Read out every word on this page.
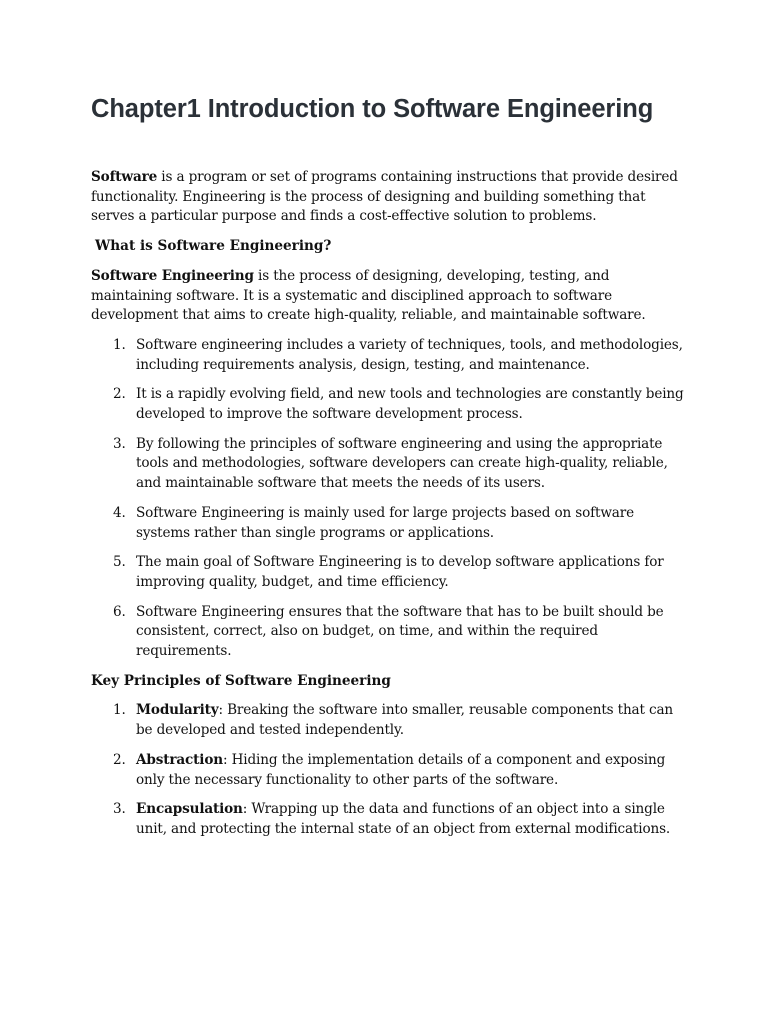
Chapter1 Introduction to Software Engineering

Software is a program or set of programs containing instructions that provide desired functionality. Engineering is the process of designing and building something that serves a particular purpose and finds a cost-effective solution to problems.

What is Software Engineering?

Software Engineering is the process of designing, developing, testing, and maintaining software. It is a systematic and disciplined approach to software development that aims to create high-quality, reliable, and maintainable software.

1. Software engineering includes a variety of techniques, tools, and methodologies, including requirements analysis, design, testing, and maintenance.
2. It is a rapidly evolving field, and new tools and technologies are constantly being developed to improve the software development process.
3. By following the principles of software engineering and using the appropriate tools and methodologies, software developers can create high-quality, reliable, and maintainable software that meets the needs of its users.
4. Software Engineering is mainly used for large projects based on software systems rather than single programs or applications.
5. The main goal of Software Engineering is to develop software applications for improving quality, budget, and time efficiency.
6. Software Engineering ensures that the software that has to be built should be consistent, correct, also on budget, on time, and within the required requirements.
Key Principles of Software Engineering
1. Modularity: Breaking the software into smaller, reusable components that can be developed and tested independently.
2. Abstraction: Hiding the implementation details of a component and exposing only the necessary functionality to other parts of the software.
3. Encapsulation: Wrapping up the data and functions of an object into a single unit, and protecting the internal state of an object from external modifications.
